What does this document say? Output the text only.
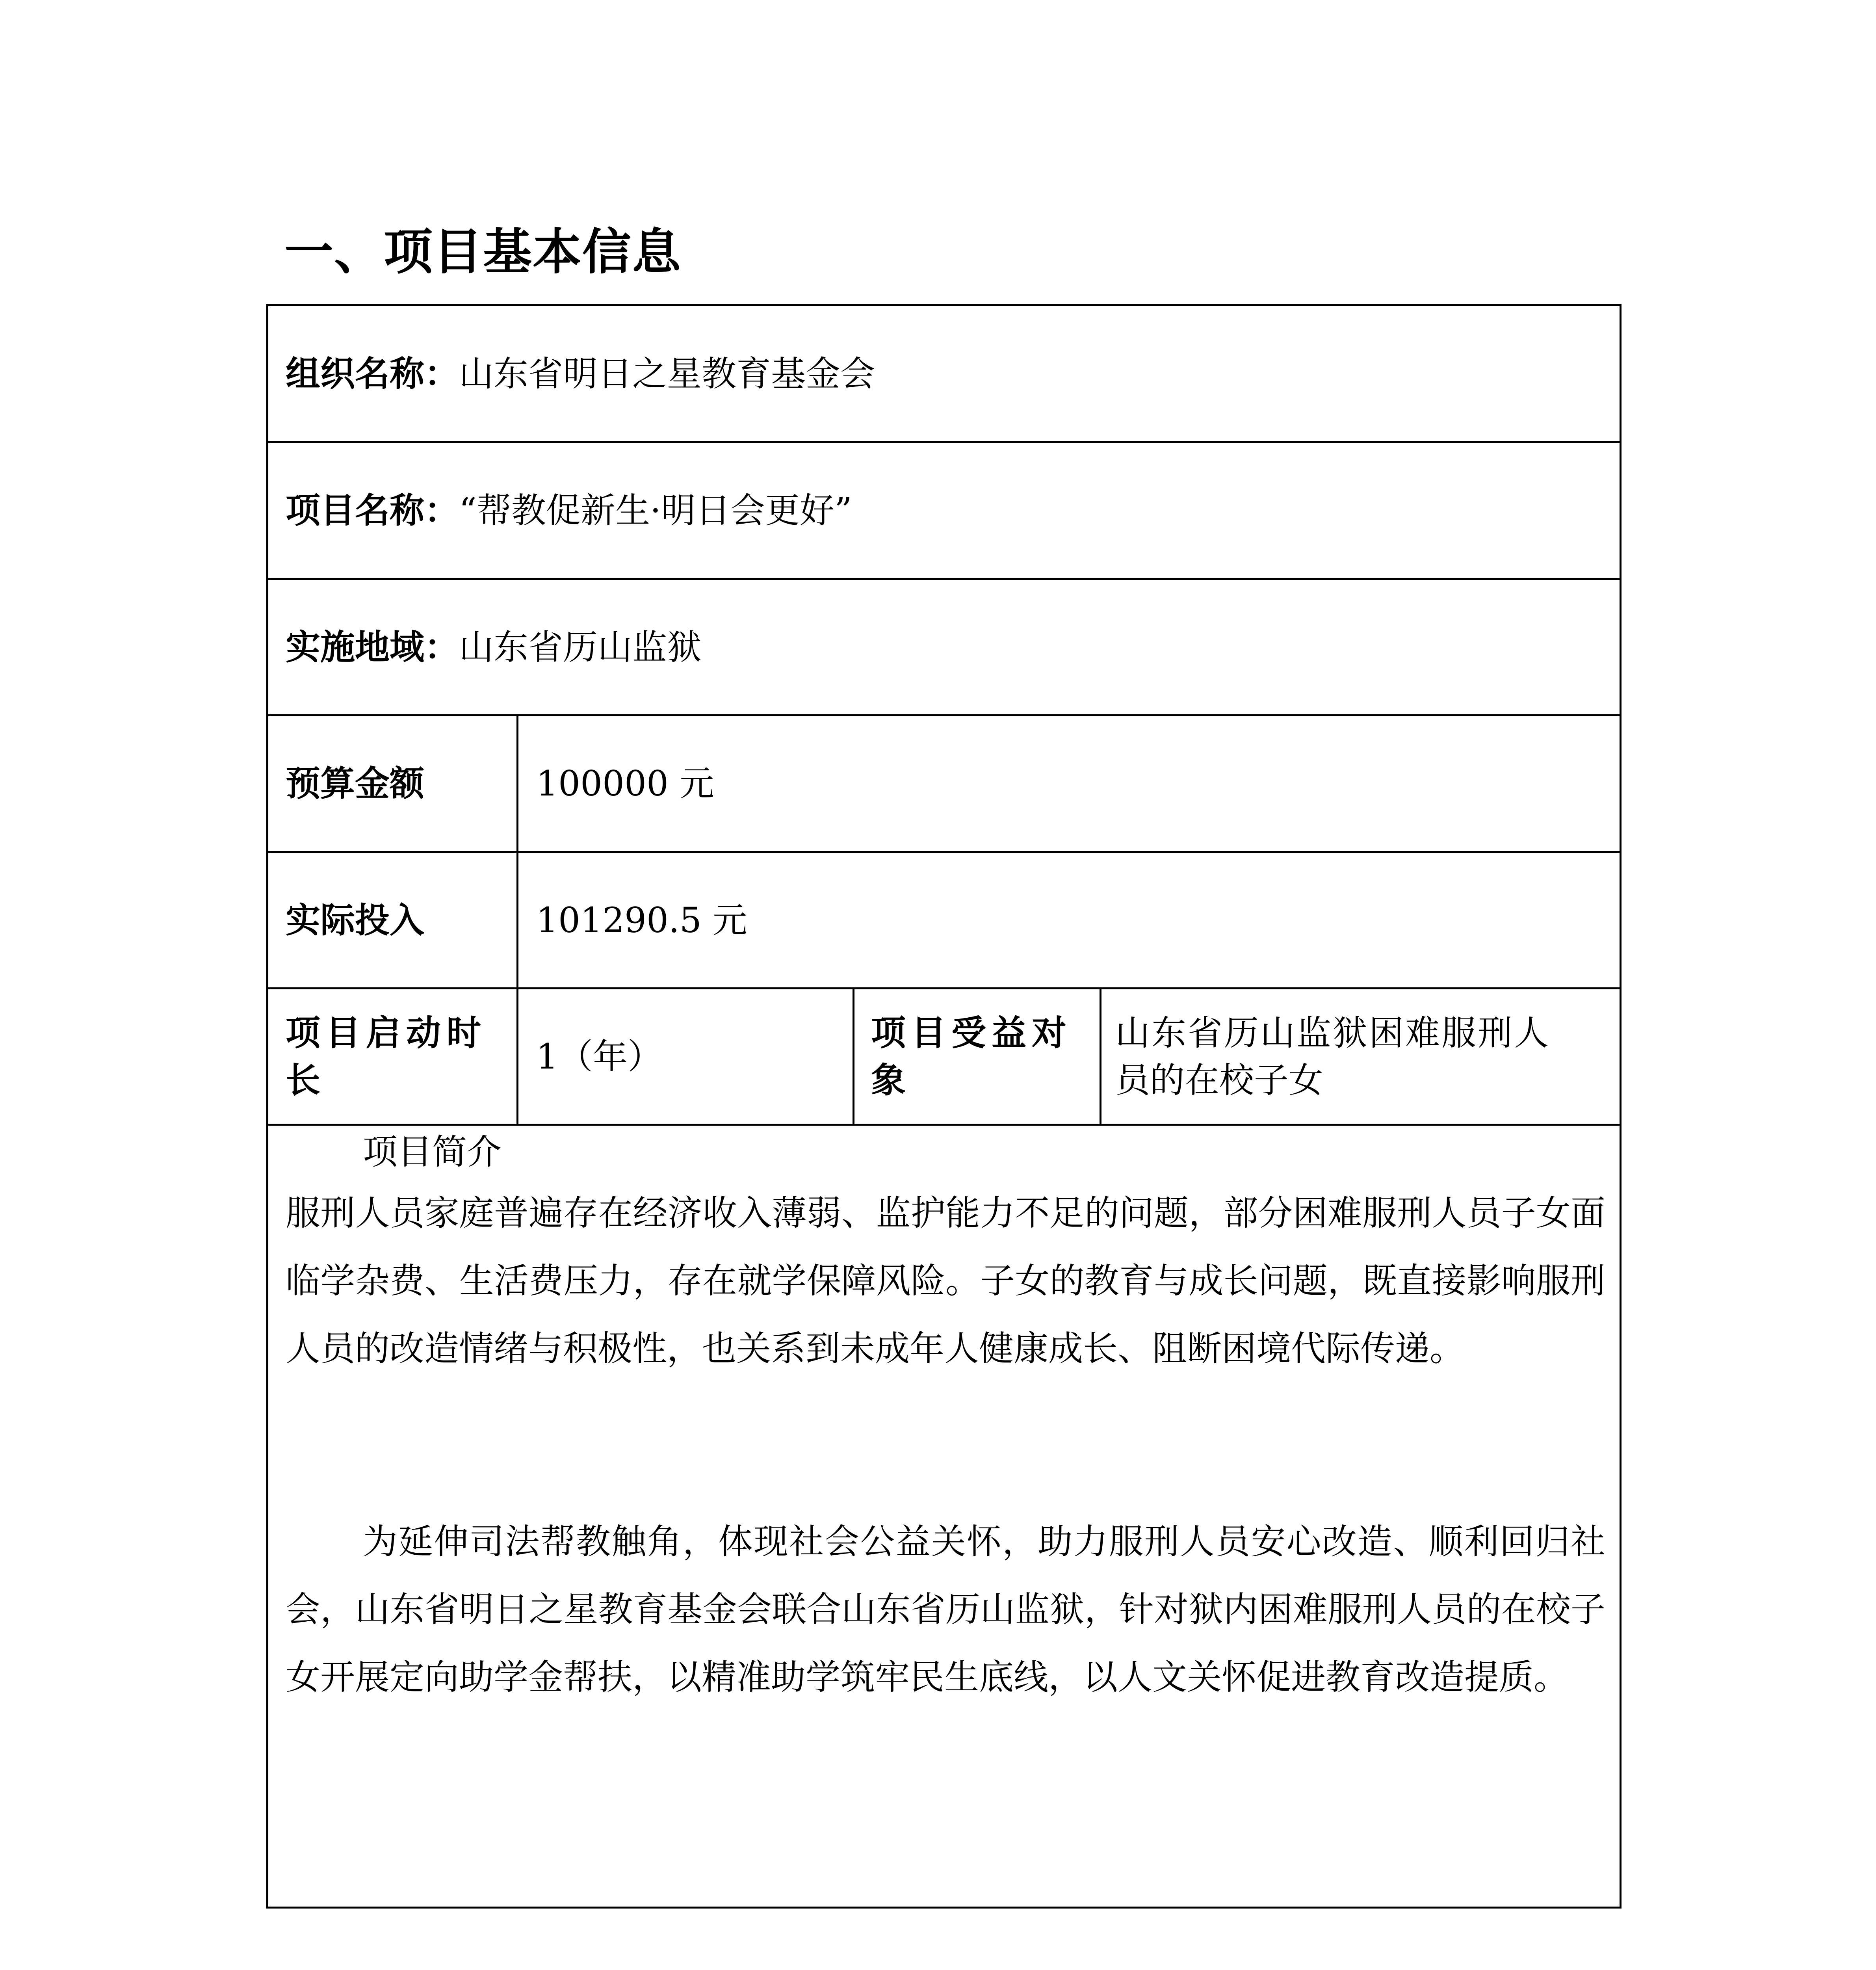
一、项目基本信息
组织名称： 山东省明日之星教育基金会
项目名称： “帮教促新生·明日会更好”
实施地域： 山东省历山监狱
预算金额	100000 元
实际投入	101290.5 元
项目启动时
长
1（年）
项目受益对
象
山东省历山监狱困难服刑人
员的在校子女
项目简介
服刑人员家庭普遍存在经济收入薄弱、监护能力不足的问题，部分困难服刑人员子女面临学杂费、生活费压力，存在就学保障风险。子女的教育与成长问题，既直接影响服刑人员的改造情绪与积极性，也关系到未成年人健康成长、阻断困境代际传递。
为延伸司法帮教触角，体现社会公益关怀，助力服刑人员安心改造、顺利回归社会，山东省明日之星教育基金会联合山东省历山监狱，针对狱内困难服刑人员的在校子女开展定向助学金帮扶，以精准助学筑牢民生底线，以人文关怀促进教育改造提质。
